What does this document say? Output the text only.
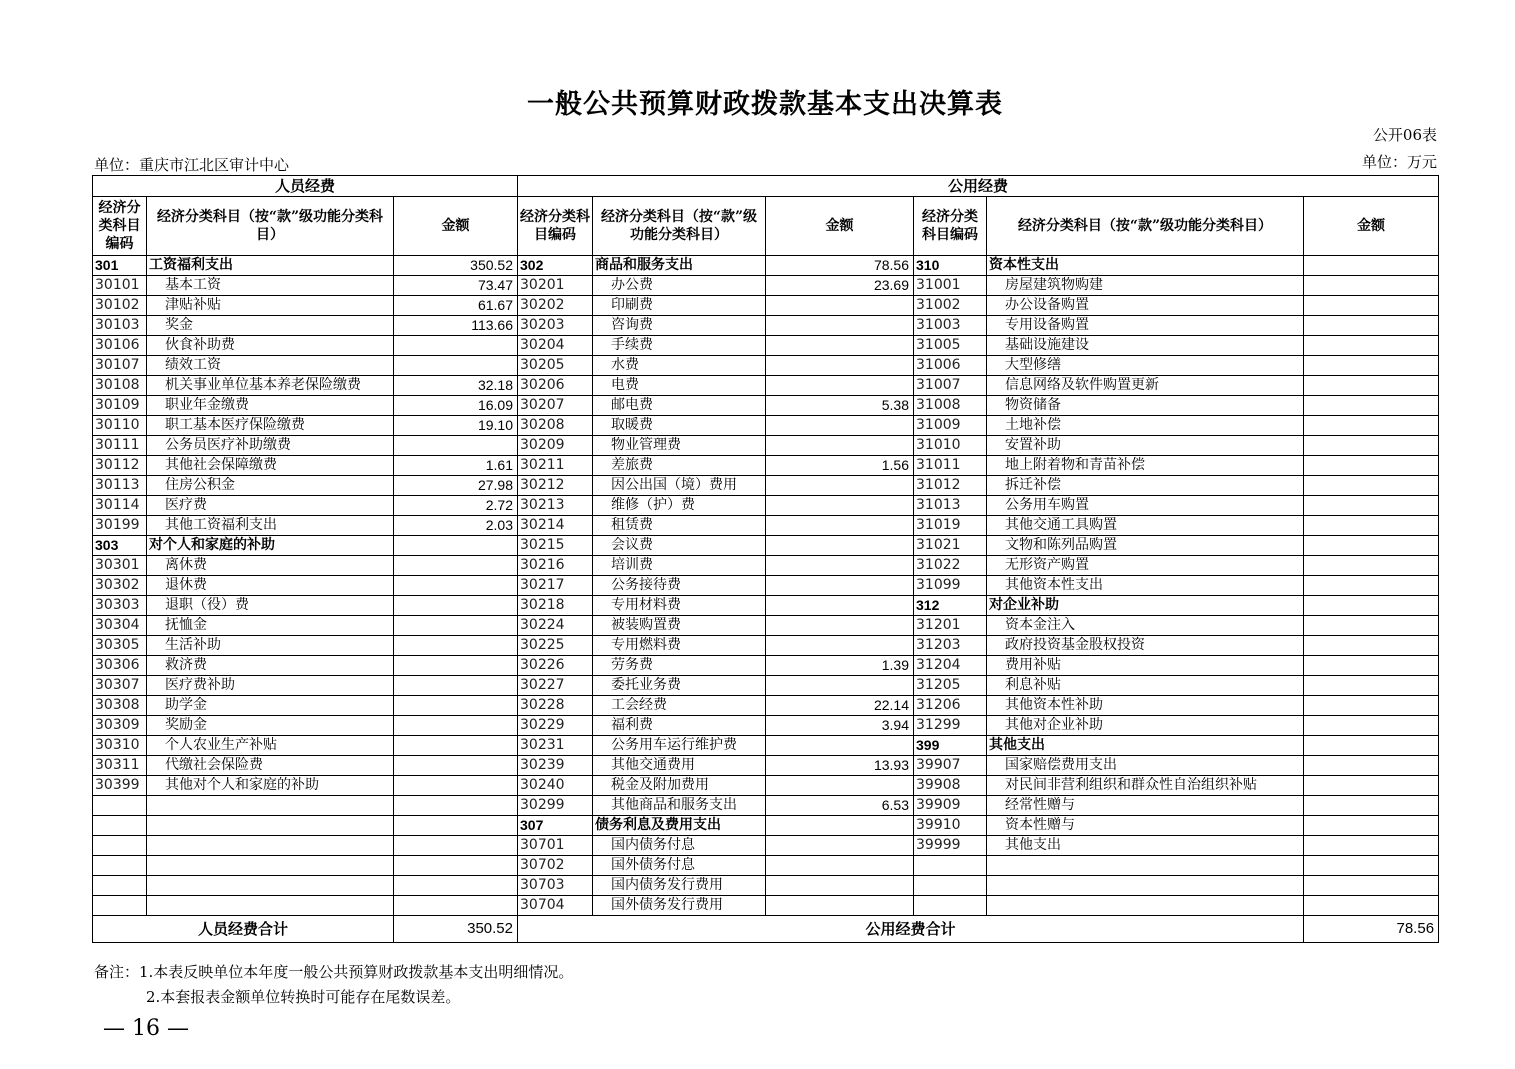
一般公共预算财政拨款基本支出决算表
公开06表
单位：重庆市江北区审计中心	单位：万元
人员经费			公用经费					
经济分类科目编码	经济分类科目（按“款”级功能分类科目）	金额	经济分类科目编码	经济分类科目（按“款”级功能分类科目）	金额	经济分类科目编码	经济分类科目（按“款”级功能分类科目）	金额
301	工资福利支出	350.52	302	商品和服务支出	78.56	310	资本性支出	
30101	基本工资	73.47	30201	办公费	23.69	31001	房屋建筑物购建	
30102	津贴补贴	61.67	30202	印刷费		31002	办公设备购置	
30103	奖金	113.66	30203	咨询费		31003	专用设备购置	
30106	伙食补助费		30204	手续费		31005	基础设施建设	
30107	绩效工资		30205	水费		31006	大型修缮	
30108	机关事业单位基本养老保险缴费	32.18	30206	电费		31007	信息网络及软件购置更新	
30109	职业年金缴费	16.09	30207	邮电费	5.38	31008	物资储备	
30110	职工基本医疗保险缴费	19.10	30208	取暖费		31009	土地补偿	
30111	公务员医疗补助缴费		30209	物业管理费		31010	安置补助	
30112	其他社会保障缴费	1.61	30211	差旅费	1.56	31011	地上附着物和青苗补偿	
30113	住房公积金	27.98	30212	因公出国（境）费用		31012	拆迁补偿	
30114	医疗费	2.72	30213	维修（护）费		31013	公务用车购置	
30199	其他工资福利支出	2.03	30214	租赁费		31019	其他交通工具购置	
303	对个人和家庭的补助		30215	会议费		31021	文物和陈列品购置	
30301	离休费		30216	培训费		31022	无形资产购置	
30302	退休费		30217	公务接待费		31099	其他资本性支出	
30303	退职（役）费		30218	专用材料费		312	对企业补助	
30304	抚恤金		30224	被装购置费		31201	资本金注入	
30305	生活补助		30225	专用燃料费		31203	政府投资基金股权投资	
30306	救济费		30226	劳务费	1.39	31204	费用补贴	
30307	医疗费补助		30227	委托业务费		31205	利息补贴	
30308	助学金		30228	工会经费	22.14	31206	其他资本性补助	
30309	奖励金		30229	福利费	3.94	31299	其他对企业补助	
30310	个人农业生产补贴		30231	公务用车运行维护费		399	其他支出	
30311	代缴社会保险费		30239	其他交通费用	13.93	39907	国家赔偿费用支出	
30399	其他对个人和家庭的补助		30240	税金及附加费用		39908	对民间非营利组织和群众性自治组织补贴	
			30299	其他商品和服务支出	6.53	39909	经常性赠与	
			307	债务利息及费用支出		39910	资本性赠与	
			30701	国内债务付息		39999	其他支出	
			30702	国外债务付息				
			30703	国内债务发行费用				
			30704	国外债务发行费用				
人员经费合计		350.52	公用经费合计					78.56
备注：1.本表反映单位本年度一般公共预算财政拨款基本支出明细情况。
2.本套报表金额单位转换时可能存在尾数误差。
— 16 —
